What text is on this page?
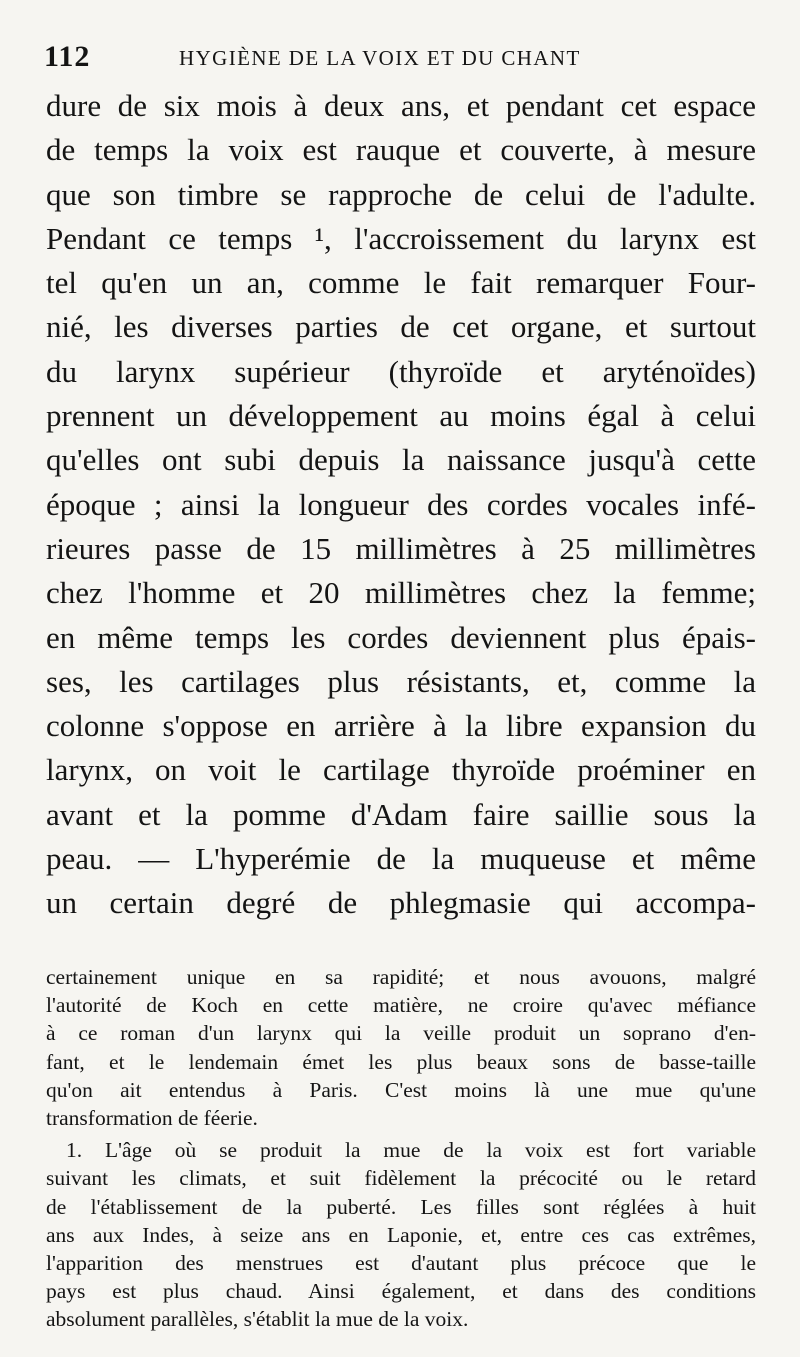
112	HYGIÈNE DE LA VOIX ET DU CHANT
dure de six mois à deux ans, et pendant cet espace
de temps la voix est rauque et couverte, à mesure
que son timbre se rapproche de celui de l'adulte.
Pendant ce temps ¹, l'accroissement du larynx est
tel qu'en un an, comme le fait remarquer Four-
nié, les diverses parties de cet organe, et surtout
du larynx supérieur (thyroïde et aryténoïdes)
prennent un développement au moins égal à celui
qu'elles ont subi depuis la naissance jusqu'à cette
époque ; ainsi la longueur des cordes vocales infé-
rieures passe de 15 millimètres à 25 millimètres
chez l'homme et 20 millimètres chez la femme;
en même temps les cordes deviennent plus épais-
ses, les cartilages plus résistants, et, comme la
colonne s'oppose en arrière à la libre expansion du
larynx, on voit le cartilage thyroïde proéminer en
avant et la pomme d'Adam faire saillie sous la
peau. — L'hyperémie de la muqueuse et même
un certain degré de phlegmasie qui accompa-
certainement unique en sa rapidité; et nous avouons, malgré
l'autorité de Koch en cette matière, ne croire qu'avec méfiance
à ce roman d'un larynx qui la veille produit un soprano d'en-
fant, et le lendemain émet les plus beaux sons de basse-taille
qu'on ait entendus à Paris. C'est moins là une mue qu'une
transformation de féerie.
1. L'âge où se produit la mue de la voix est fort variable
suivant les climats, et suit fidèlement la précocité ou le retard
de l'établissement de la puberté. Les filles sont réglées à huit
ans aux Indes, à seize ans en Laponie, et, entre ces cas extrêmes,
l'apparition des menstrues est d'autant plus précoce que le
pays est plus chaud. Ainsi également, et dans des conditions
absolument parallèles, s'établit la mue de la voix.
